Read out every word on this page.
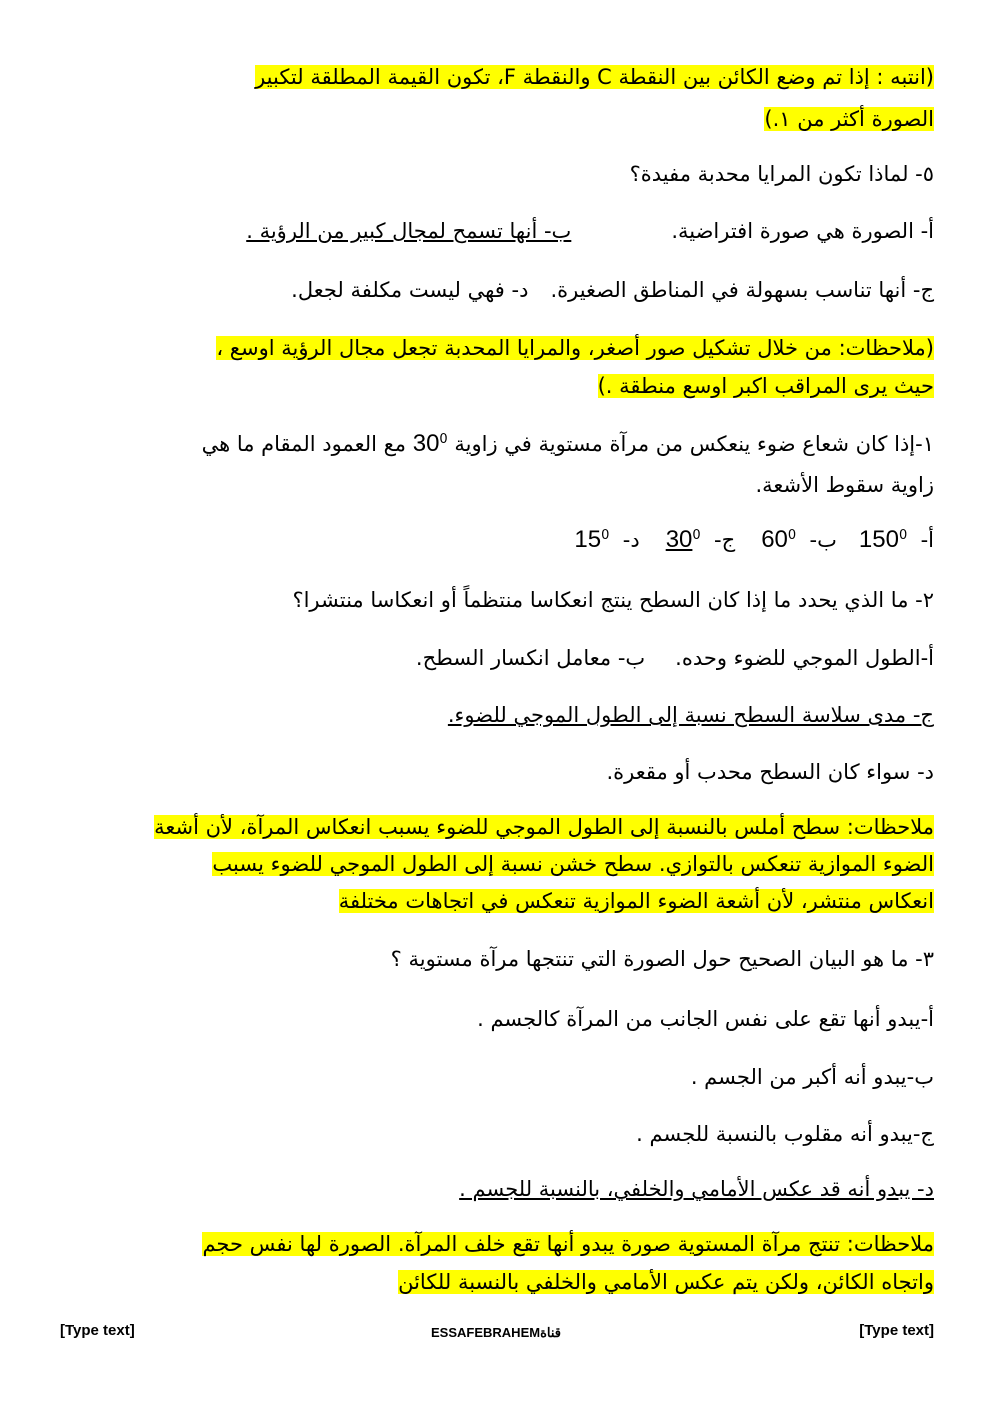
(انتبه : إذا تم وضع الكائن بين النقطة C والنقطة F، تكون القيمة المطلقة لتكبير
الصورة أكثر من ١.)
٥- لماذا تكون المرايا محدبة مفيدة؟
أ- الصورة هي صورة افتراضية.ب- أنها تسمح لمجال كبير من الرؤية .
ج- أنها تناسب بسهولة في المناطق الصغيرة.د- فهي ليست مكلفة لجعل.
(ملاحظات: من خلال تشكيل صور أصغر، والمرايا المحدبة تجعل مجال الرؤية اوسع ،
حيث يرى المراقب اكبر اوسع منطقة .)
١-إذا كان شعاع ضوء ينعكس من مرآة مستوية في زاوية $30^0$ مع العمود المقام ما هي
زاوية سقوط الأشعة.
أ-  $150^0ب-$  $60^0ج-$  $30^0د-$  $15^0$
٢- ما الذي يحدد ما إذا كان السطح ينتج انعكاسا منتظماً أو انعكاسا منتشرا؟
أ-الطول الموجي للضوء وحده.ب- معامل انكسار السطح.
ج- مدى سلاسة السطح نسبة إلى الطول الموجي للضوء.
د- سواء كان السطح محدب أو مقعرة.
ملاحظات: سطح أملس بالنسبة إلى الطول الموجي للضوء يسبب انعكاس المرآة، لأن أشعة
الضوء الموازية تنعكس بالتوازي. سطح خشن نسبة إلى الطول الموجي للضوء يسبب
انعكاس منتشر، لأن أشعة الضوء الموازية تنعكس في اتجاهات مختلفة
٣- ما هو البيان الصحيح حول الصورة التي تنتجها مرآة مستوية ؟
أ-يبدو أنها تقع على نفس الجانب من المرآة كالجسم .
ب-يبدو أنه أكبر من الجسم .
ج-يبدو أنه مقلوب بالنسبة للجسم .
د- يبدو أنه قد عكس الأمامي والخلفي، بالنسبة للجسم .
ملاحظات: تنتج مرآة المستوية صورة يبدو أنها تقع خلف المرآة. الصورة لها نفس حجم
واتجاه الكائن، ولكن يتم عكس الأمامي والخلفي بالنسبة للكائن
[Type text]	ESSAFEBRAHEMقناة	[Type text]
